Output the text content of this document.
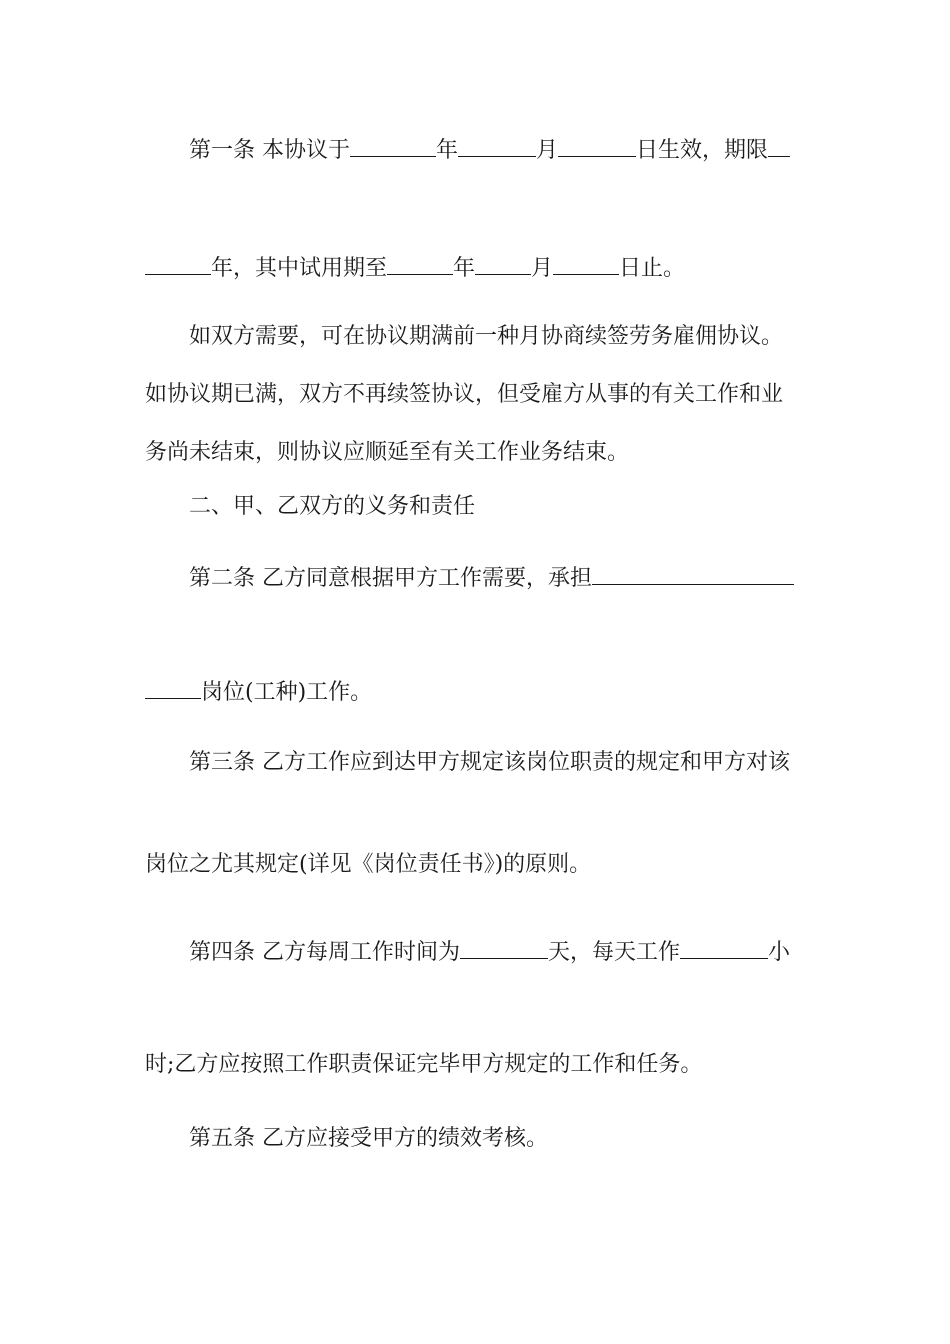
第一条 本协议于	年	月	日生效，期限
年，其中试用期至	年	月	日止。
如双方需要，可在协议期满前一种月协商续签劳务雇佣协议。
如协议期已满，双方不再续签协议，但受雇方从事的有关工作和业
务尚未结束，则协议应顺延至有关工作业务结束。
二、甲、乙双方的义务和责任
第二条 乙方同意根据甲方工作需要，承担
岗位(工种)工作。
第三条 乙方工作应到达甲方规定该岗位职责的规定和甲方对该
岗位之尤其规定(详见《岗位责任书》)的原则。
第四条 乙方每周工作时间为	天，每天工作	小
时;乙方应按照工作职责保证完毕甲方规定的工作和任务。
第五条 乙方应接受甲方的绩效考核。
